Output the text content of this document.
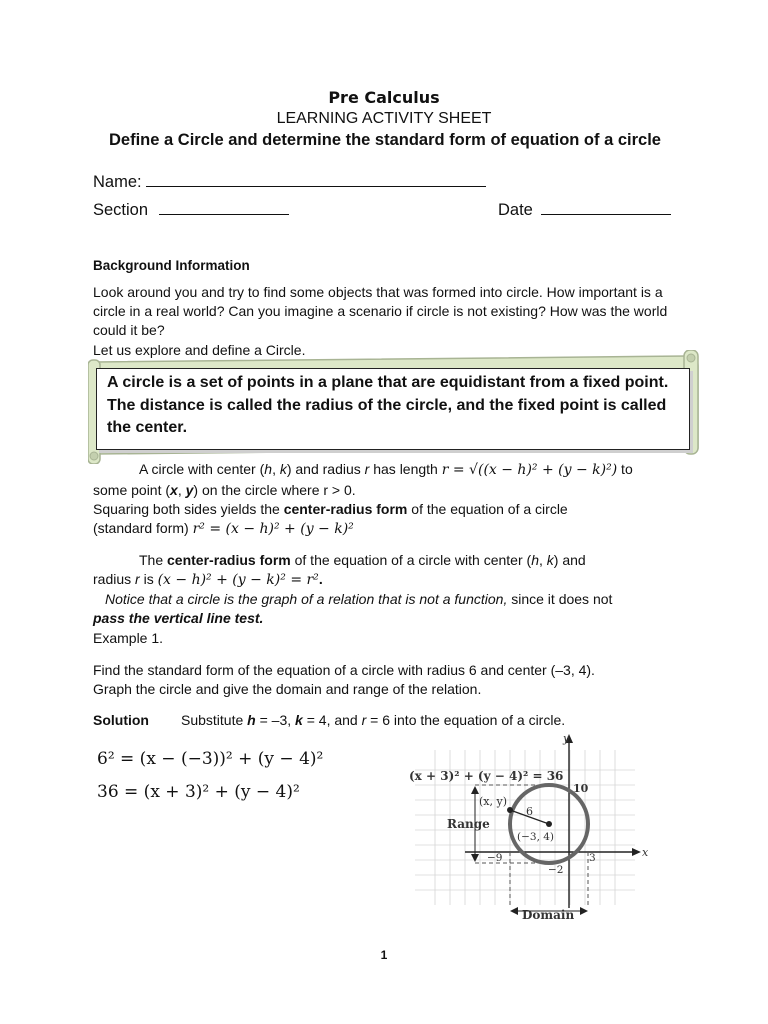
Pre Calculus
LEARNING ACTIVITY SHEET
Define a Circle and determine the standard form of equation of a circle
Name:
Section	Date
Background Information
Look around you and try to find some objects that was formed into circle. How important is a circle in a real world? Can you imagine a scenario if circle is not existing? How was the world could it be?
Let us explore and define a Circle.
A circle is a set of points in a plane that are equidistant from a fixed point. The distance is called the radius of the circle, and the fixed point is called the center.
A circle with center (h, k) and radius r has length r = √((x − h)² + (y − k)²) to
some point (x, y) on the circle where r > 0.
Squaring both sides yields the center-radius form of the equation of a circle
(standard form) r² = (x − h)² + (y − k)²
The center-radius form of the equation of a circle with center (h, k) and
radius r is (x − h)² + (y − k)² = r².
Notice that a circle is the graph of a relation that is not a function, since it does not
pass the vertical line test.
Example 1.
Find the standard form of the equation of a circle with radius 6 and center (–3, 4).
Graph the circle and give the domain and range of the relation.
Solution Substitute h = –3, k = 4, and r = 6 into the equation of a circle.
6² = (x − (−3))² + (y − 4)²
36 = (x + 3)² + (y − 4)²
(x + 3)² + (y − 4)² = 36
y
x
(x, y)
6
(−3, 4)
Range
Domain
10
−9	3
−2
1
